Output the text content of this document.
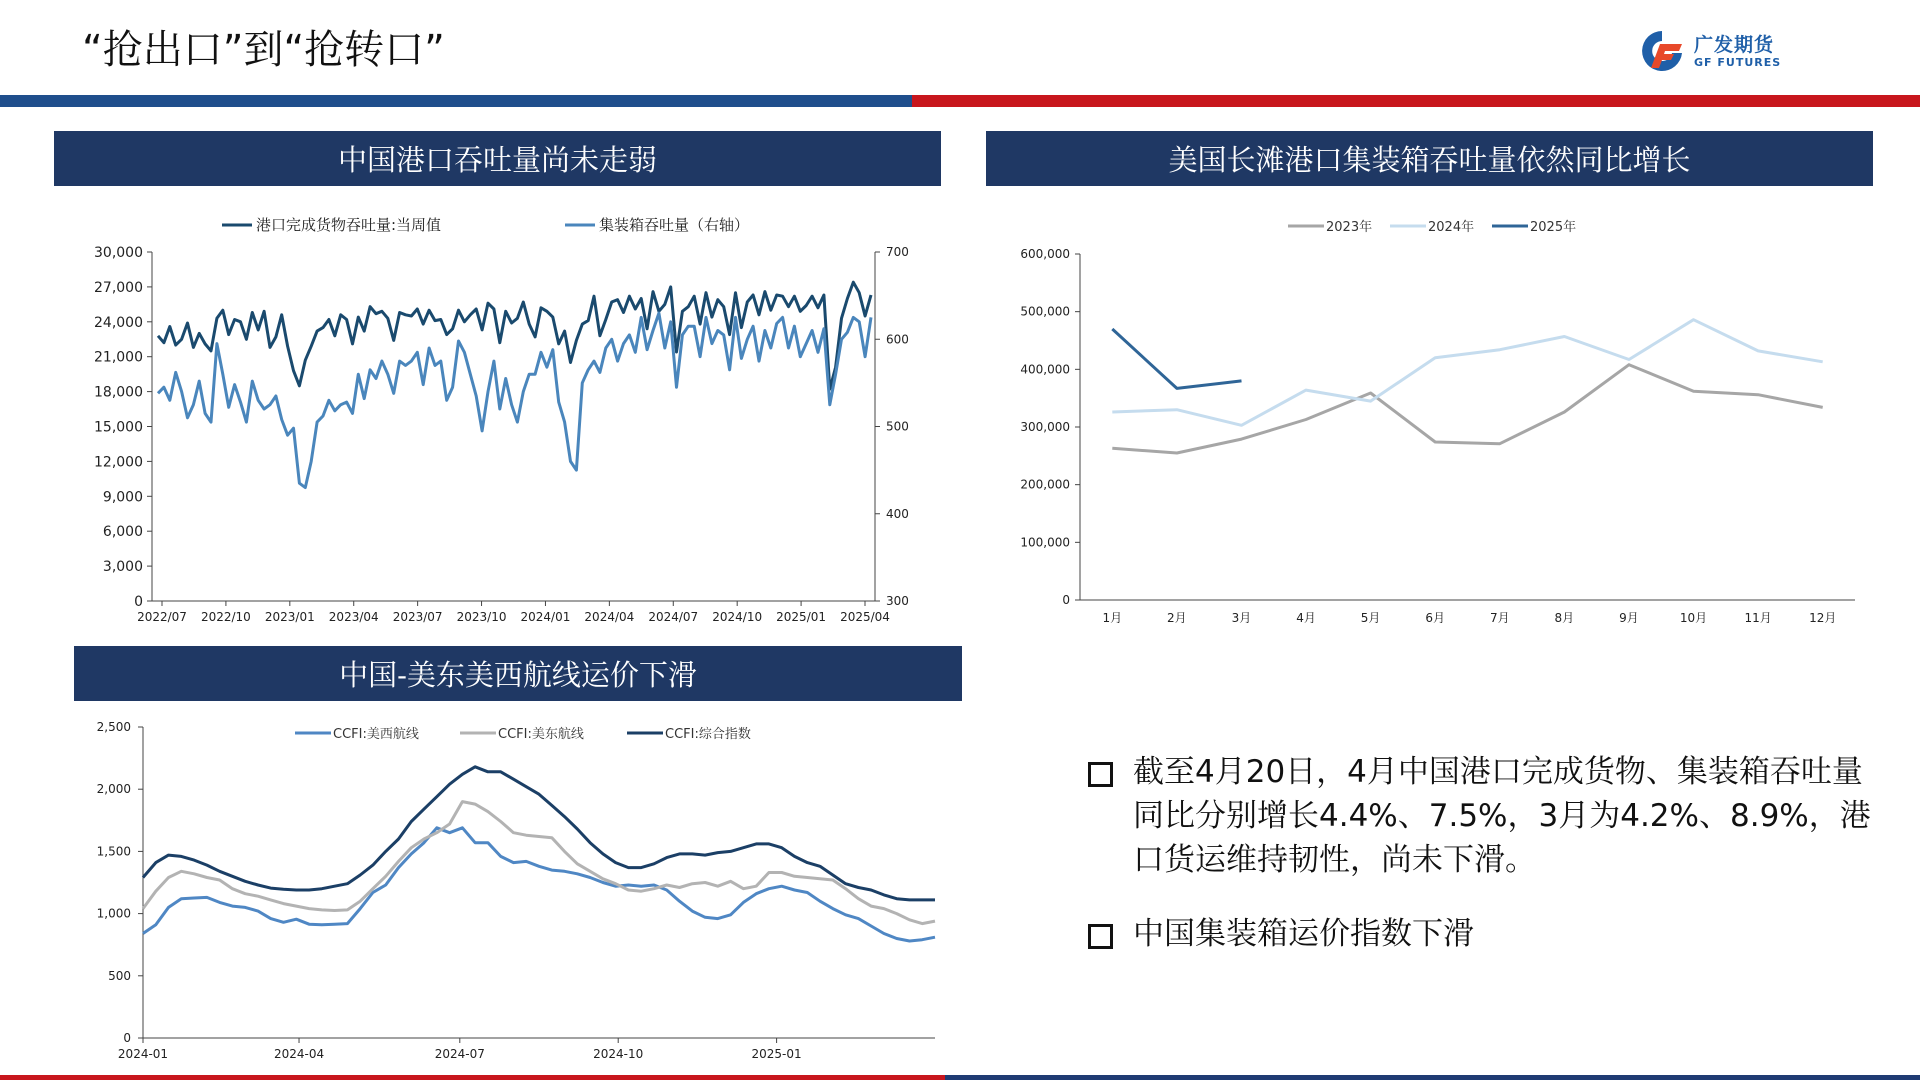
“抢出口”到“抢转口”	广发期货
GF FUTURES
中国港口吞吐量尚未走弱	美国长滩港口集装箱吞吐量依然同比增长
中国-美东美西航线运价下滑
0
3,000
6,000
9,000
12,000
15,000
18,000
21,000
24,000
27,000
30,000
300
400
500
600
700
2022/07 2022/10 2023/01 2023/04 2023/07 2023/10 2024/01 2024/04 2024/07 2024/10 2025/01 2025/04
港口完成货物吞吐量:当周值	集装箱吞吐量（右轴）
0
100,000
200,000
300,000
400,000
500,000
600,000
1月	2月	3月	4月	5月	6月	7月	8月	9月	10月	11月	12月
2023年	2024年	2025年
0
500
1,000
1,500
2,000
2,500
2024-01	2024-04	2024-07	2024-10	2025-01
CCFI:美西航线	CCFI:美东航线	CCFI:综合指数
截至4月20日，4月中国港口完成货物、集装箱吞吐量同比分别增长4.4%、7.5%，3月为4.2%、8.9%，港口货运维持韧性，尚未下滑。
中国集装箱运价指数下滑
